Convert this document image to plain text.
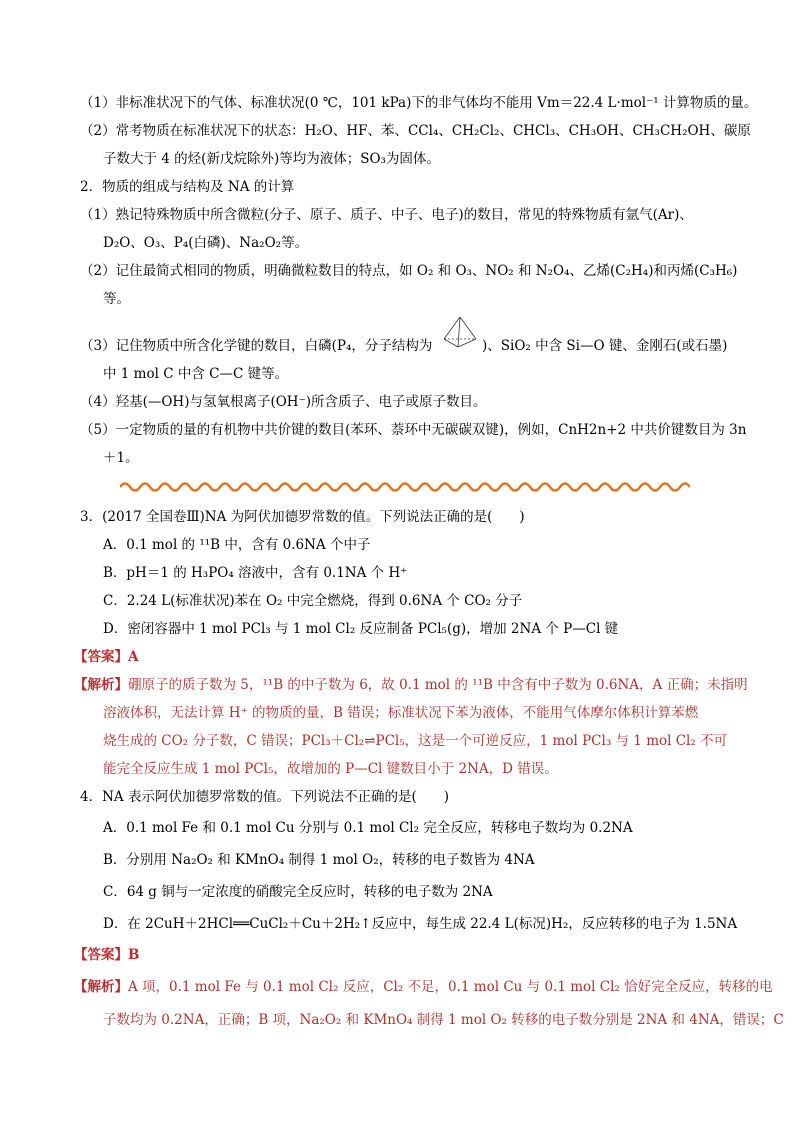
（1）非标准状况下的气体、标准状况(0 ℃，101 kPa)下的非气体均不能用 Vm＝22.4 L·mol⁻¹ 计算物质的量。
（2）常考物质在标准状况下的状态：H₂O、HF、苯、CCl₄、CH₂Cl₂、CHCl₃、CH₃OH、CH₃CH₂OH、碳原
子数大于 4 的烃(新戊烷除外)等均为液体；SO₃为固体。
2．物质的组成与结构及 NA 的计算
（1）熟记特殊物质中所含微粒(分子、原子、质子、中子、电子)的数目，常见的特殊物质有氩气(Ar)、
D₂O、O₃、P₄(白磷)、Na₂O₂等。
（2）记住最简式相同的物质，明确微粒数目的特点，如 O₂ 和 O₃、NO₂ 和 N₂O₄、乙烯(C₂H₄)和丙烯(C₃H₆)
等。
（3）记住物质中所含化学键的数目，白磷(P₄，分子结构为	)、SiO₂ 中含 Si—O 键、金刚石(或石墨)
中 1 mol C 中含 C—C 键等。
（4）羟基(—OH)与氢氧根离子(OH⁻)所含质子、电子或原子数目。
（5）一定物质的量的有机物中共价键的数目(苯环、萘环中无碳碳双键)，例如，CnH2n+2 中共价键数目为 3n
＋1。
3．(2017 全国卷Ⅲ)NA 为阿伏加德罗常数的值。下列说法正确的是(　　)
A．0.1 mol 的 ¹¹B 中，含有 0.6NA 个中子
B．pH＝1 的 H₃PO₄ 溶液中，含有 0.1NA 个 H⁺
C．2.24 L(标准状况)苯在 O₂ 中完全燃烧，得到 0.6NA 个 CO₂ 分子
D．密闭容器中 1 mol PCl₃ 与 1 mol Cl₂ 反应制备 PCl₅(g)，增加 2NA 个 P—Cl 键
【答案】A
【解析】硼原子的质子数为 5，¹¹B 的中子数为 6，故 0.1 mol 的 ¹¹B 中含有中子数为 0.6NA，A 正确；未指明
溶液体积，无法计算 H⁺ 的物质的量，B 错误；标准状况下苯为液体，不能用气体摩尔体积计算苯燃
烧生成的 CO₂ 分子数，C 错误；PCl₃＋Cl₂⇌PCl₅，这是一个可逆反应，1 mol PCl₃ 与 1 mol Cl₂ 不可
能完全反应生成 1 mol PCl₅，故增加的 P—Cl 键数目小于 2NA，D 错误。
4．NA 表示阿伏加德罗常数的值。下列说法不正确的是(　　)
A．0.1 mol Fe 和 0.1 mol Cu 分别与 0.1 mol Cl₂ 完全反应，转移电子数均为 0.2NA
B．分别用 Na₂O₂ 和 KMnO₄ 制得 1 mol O₂，转移的电子数皆为 4NA
C．64 g 铜与一定浓度的硝酸完全反应时，转移的电子数为 2NA
D．在 2CuH＋2HCl══CuCl₂＋Cu＋2H₂↑反应中，每生成 22.4 L(标况)H₂，反应转移的电子为 1.5NA
【答案】B
【解析】A 项，0.1 mol Fe 与 0.1 mol Cl₂ 反应，Cl₂ 不足，0.1 mol Cu 与 0.1 mol Cl₂ 恰好完全反应，转移的电
子数均为 0.2NA，正确；B 项，Na₂O₂ 和 KMnO₄ 制得 1 mol O₂ 转移的电子数分别是 2NA 和 4NA，错误；C
